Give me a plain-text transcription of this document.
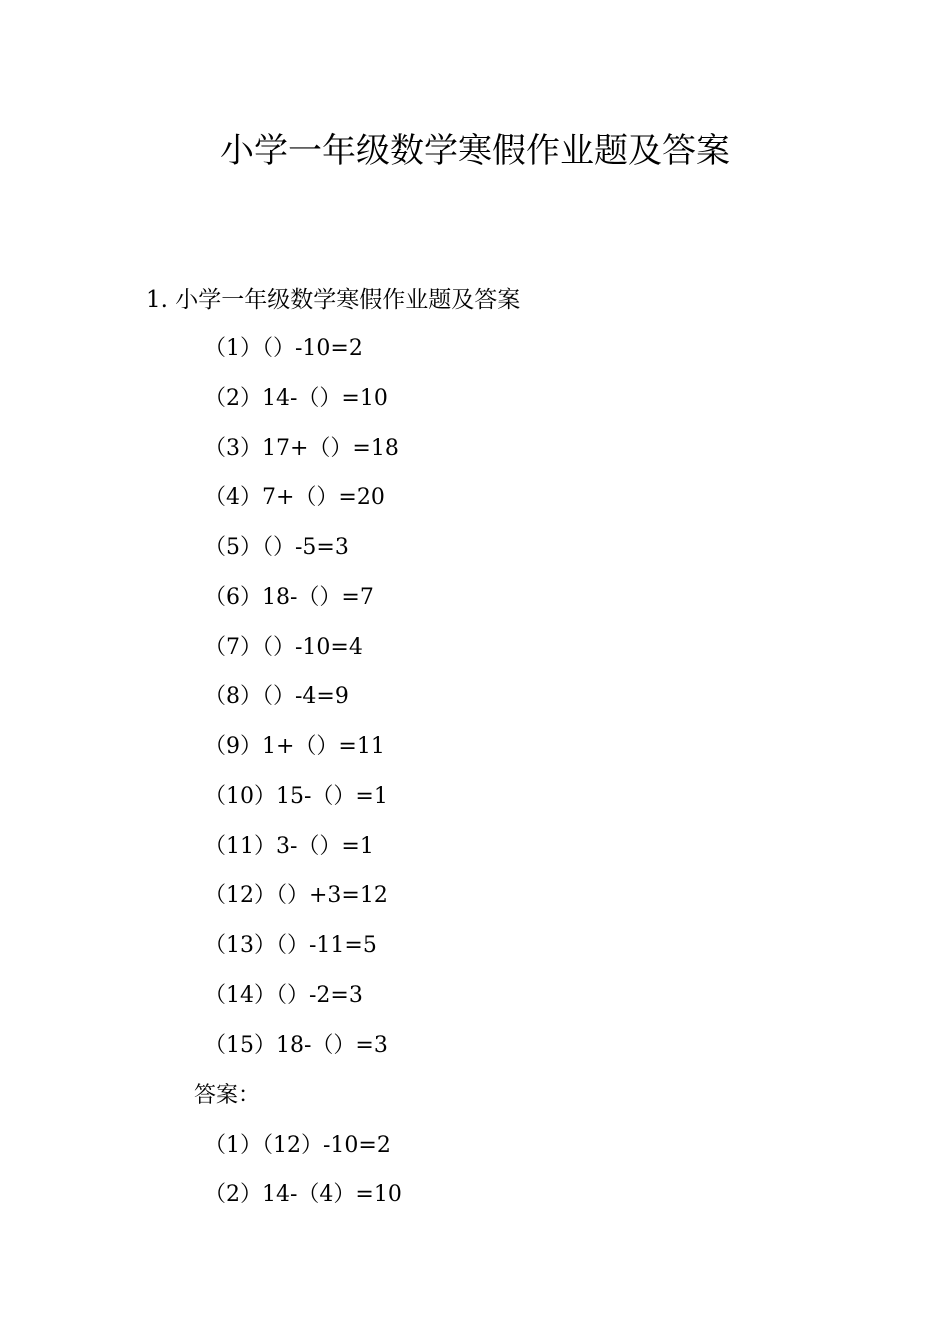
小学一年级数学寒假作业题及答案
1. 小学一年级数学寒假作业题及答案
（1）（）-10=2
（2）14-（）=10
（3）17+（）=18
（4）7+（）=20
（5）（）-5=3
（6）18-（）=7
（7）（）-10=4
（8）（）-4=9
（9）1+（）=11
（10）15-（）=1
（11）3-（）=1
（12）（）+3=12
（13）（）-11=5
（14）（）-2=3
（15）18-（）=3
答案：
（1）（12）-10=2
（2）14-（4）=10
